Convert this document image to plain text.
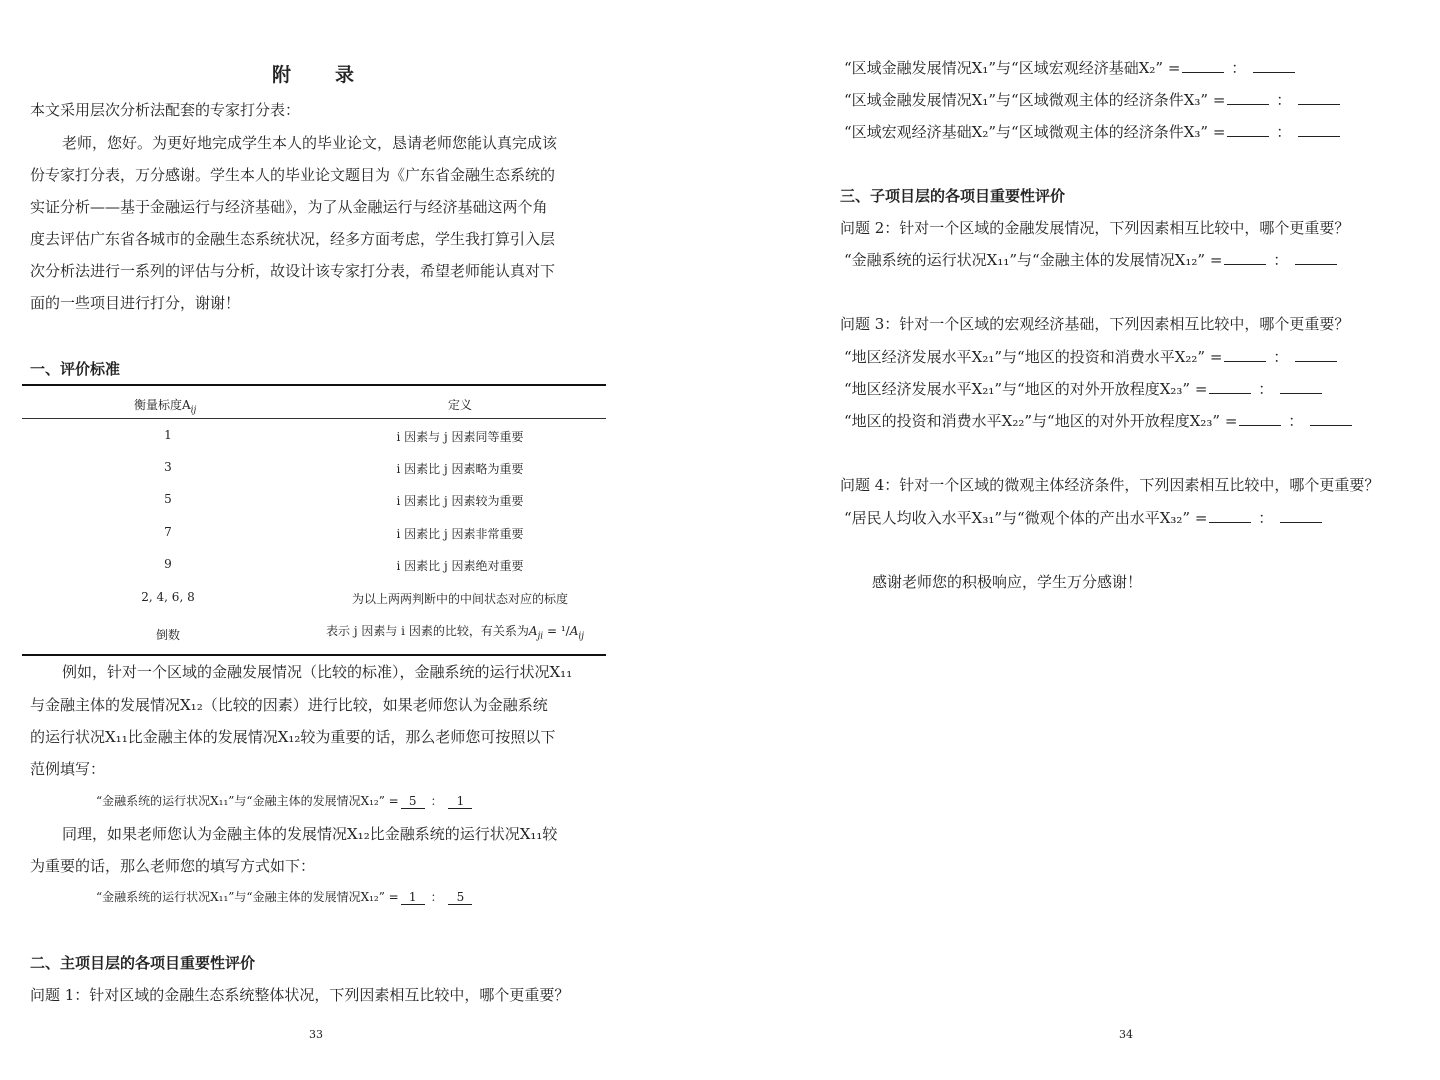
附　　录
本文采用层次分析法配套的专家打分表：
老师，您好。为更好地完成学生本人的毕业论文，恳请老师您能认真完成该
份专家打分表，万分感谢。学生本人的毕业论文题目为《广东省金融生态系统的
实证分析——基于金融运行与经济基础》，为了从金融运行与经济基础这两个角
度去评估广东省各城市的金融生态系统状况，经多方面考虑，学生我打算引入层
次分析法进行一系列的评估与分析，故设计该专家打分表，希望老师能认真对下
面的一些项目进行打分，谢谢！
一、评价标准
衡量标度$A_{ij}$	定义
1	i 因素与 j 因素同等重要
3	i 因素比 j 因素略为重要
5	i 因素比 j 因素较为重要
7	i 因素比 j 因素非常重要
9	i 因素比 j 因素绝对重要
2, 4, 6, 8	为以上两两判断中的中间状态对应的标度
倒数	表示 j 因素与 i 因素的比较，有关系为$A_{ji} = ^1/A_{ij}$
例如，针对一个区域的金融发展情况（比较的标准），金融系统的运行状况X₁₁
与金融主体的发展情况X₁₂（比较的因素）进行比较，如果老师您认为金融系统
的运行状况X₁₁比金融主体的发展情况X₁₂较为重要的话，那么老师您可按照以下
范例填写：
“金融系统的运行状况X₁₁”与“金融主体的发展情况X₁₂” = 5 ： 1
同理，如果老师您认为金融主体的发展情况X₁₂比金融系统的运行状况X₁₁较
为重要的话，那么老师您的填写方式如下：
“金融系统的运行状况X₁₁”与“金融主体的发展情况X₁₂” = 1 ： 5
二、主项目层的各项目重要性评价
问题 1：针对区域的金融生态系统整体状况，下列因素相互比较中，哪个更重要？
33
“区域金融发展情况X₁”与“区域宏观经济基础X₂” =	：
“区域金融发展情况X₁”与“区域微观主体的经济条件X₃” =	：
“区域宏观经济基础X₂”与“区域微观主体的经济条件X₃” =	：
三、子项目层的各项目重要性评价
问题 2：针对一个区域的金融发展情况，下列因素相互比较中，哪个更重要？
“金融系统的运行状况X₁₁”与“金融主体的发展情况X₁₂” =	：
问题 3：针对一个区域的宏观经济基础，下列因素相互比较中，哪个更重要？
“地区经济发展水平X₂₁”与“地区的投资和消费水平X₂₂” =	：
“地区经济发展水平X₂₁”与“地区的对外开放程度X₂₃” =	：
“地区的投资和消费水平X₂₂”与“地区的对外开放程度X₂₃” =	：
问题 4：针对一个区域的微观主体经济条件，下列因素相互比较中，哪个更重要？
“居民人均收入水平X₃₁”与“微观个体的产出水平X₃₂” =	：
感谢老师您的积极响应，学生万分感谢！
34
